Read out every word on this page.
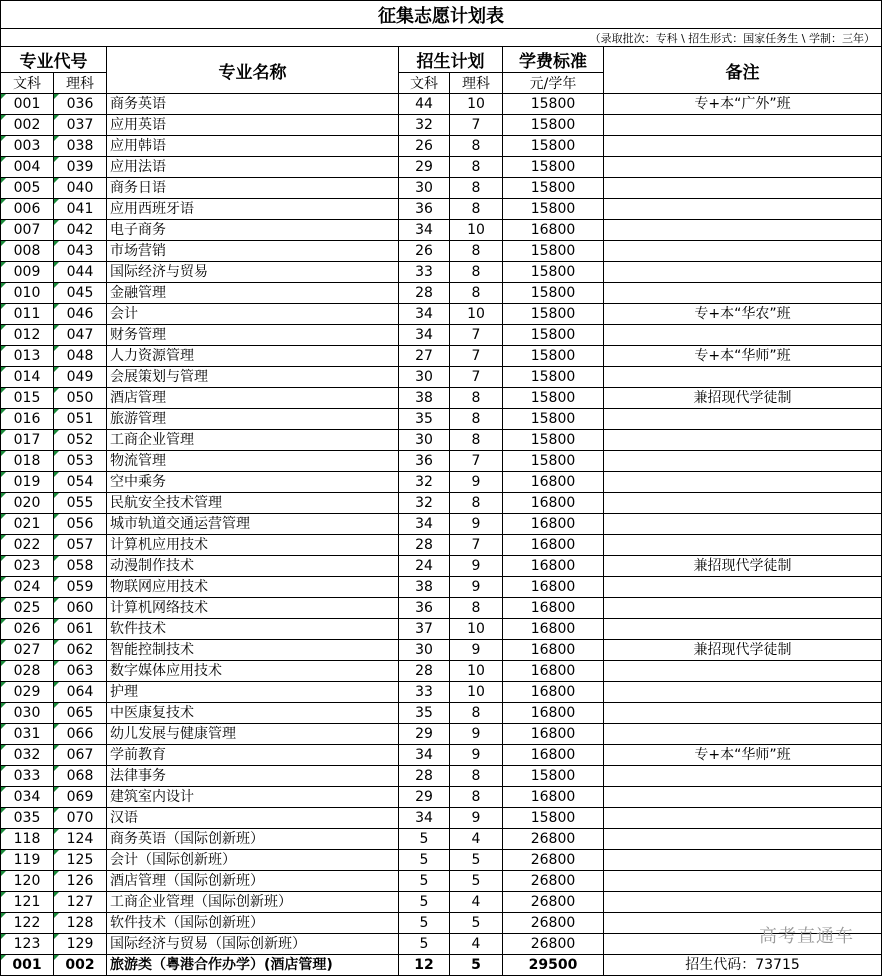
征集志愿计划表						
（录取批次：专科 \ 招生形式：国家任务生 \ 学制：三年）						
专业代号		专业名称	招生计划		学费标准	备注
文科	理科		文科	理科	元/学年	
001	036	商务英语	44	10	15800	专+本“广外”班
002	037	应用英语	32	7	15800	
003	038	应用韩语	26	8	15800	
004	039	应用法语	29	8	15800	
005	040	商务日语	30	8	15800	
006	041	应用西班牙语	36	8	15800	
007	042	电子商务	34	10	16800	
008	043	市场营销	26	8	15800	
009	044	国际经济与贸易	33	8	15800	
010	045	金融管理	28	8	15800	
011	046	会计	34	10	15800	专+本“华农”班
012	047	财务管理	34	7	15800	
013	048	人力资源管理	27	7	15800	专+本“华师”班
014	049	会展策划与管理	30	7	15800	
015	050	酒店管理	38	8	15800	兼招现代学徒制
016	051	旅游管理	35	8	15800	
017	052	工商企业管理	30	8	15800	
018	053	物流管理	36	7	15800	
019	054	空中乘务	32	9	16800	
020	055	民航安全技术管理	32	8	16800	
021	056	城市轨道交通运营管理	34	9	16800	
022	057	计算机应用技术	28	7	16800	
023	058	动漫制作技术	24	9	16800	兼招现代学徒制
024	059	物联网应用技术	38	9	16800	
025	060	计算机网络技术	36	8	16800	
026	061	软件技术	37	10	16800	
027	062	智能控制技术	30	9	16800	兼招现代学徒制
028	063	数字媒体应用技术	28	10	16800	
029	064	护理	33	10	16800	
030	065	中医康复技术	35	8	16800	
031	066	幼儿发展与健康管理	29	9	16800	
032	067	学前教育	34	9	16800	专+本“华师”班
033	068	法律事务	28	8	15800	
034	069	建筑室内设计	29	8	16800	
035	070	汉语	34	9	15800	
118	124	商务英语（国际创新班）	5	4	26800	
119	125	会计（国际创新班）	5	5	26800	
120	126	酒店管理（国际创新班）	5	5	26800	
121	127	工商企业管理（国际创新班）	5	4	26800	
122	128	软件技术（国际创新班）	5	5	26800	
123	129	国际经济与贸易（国际创新班）	5	4	26800	
001	002	旅游类（粤港合作办学）(酒店管理)	12	5	29500	招生代码：73715
高考直通车
